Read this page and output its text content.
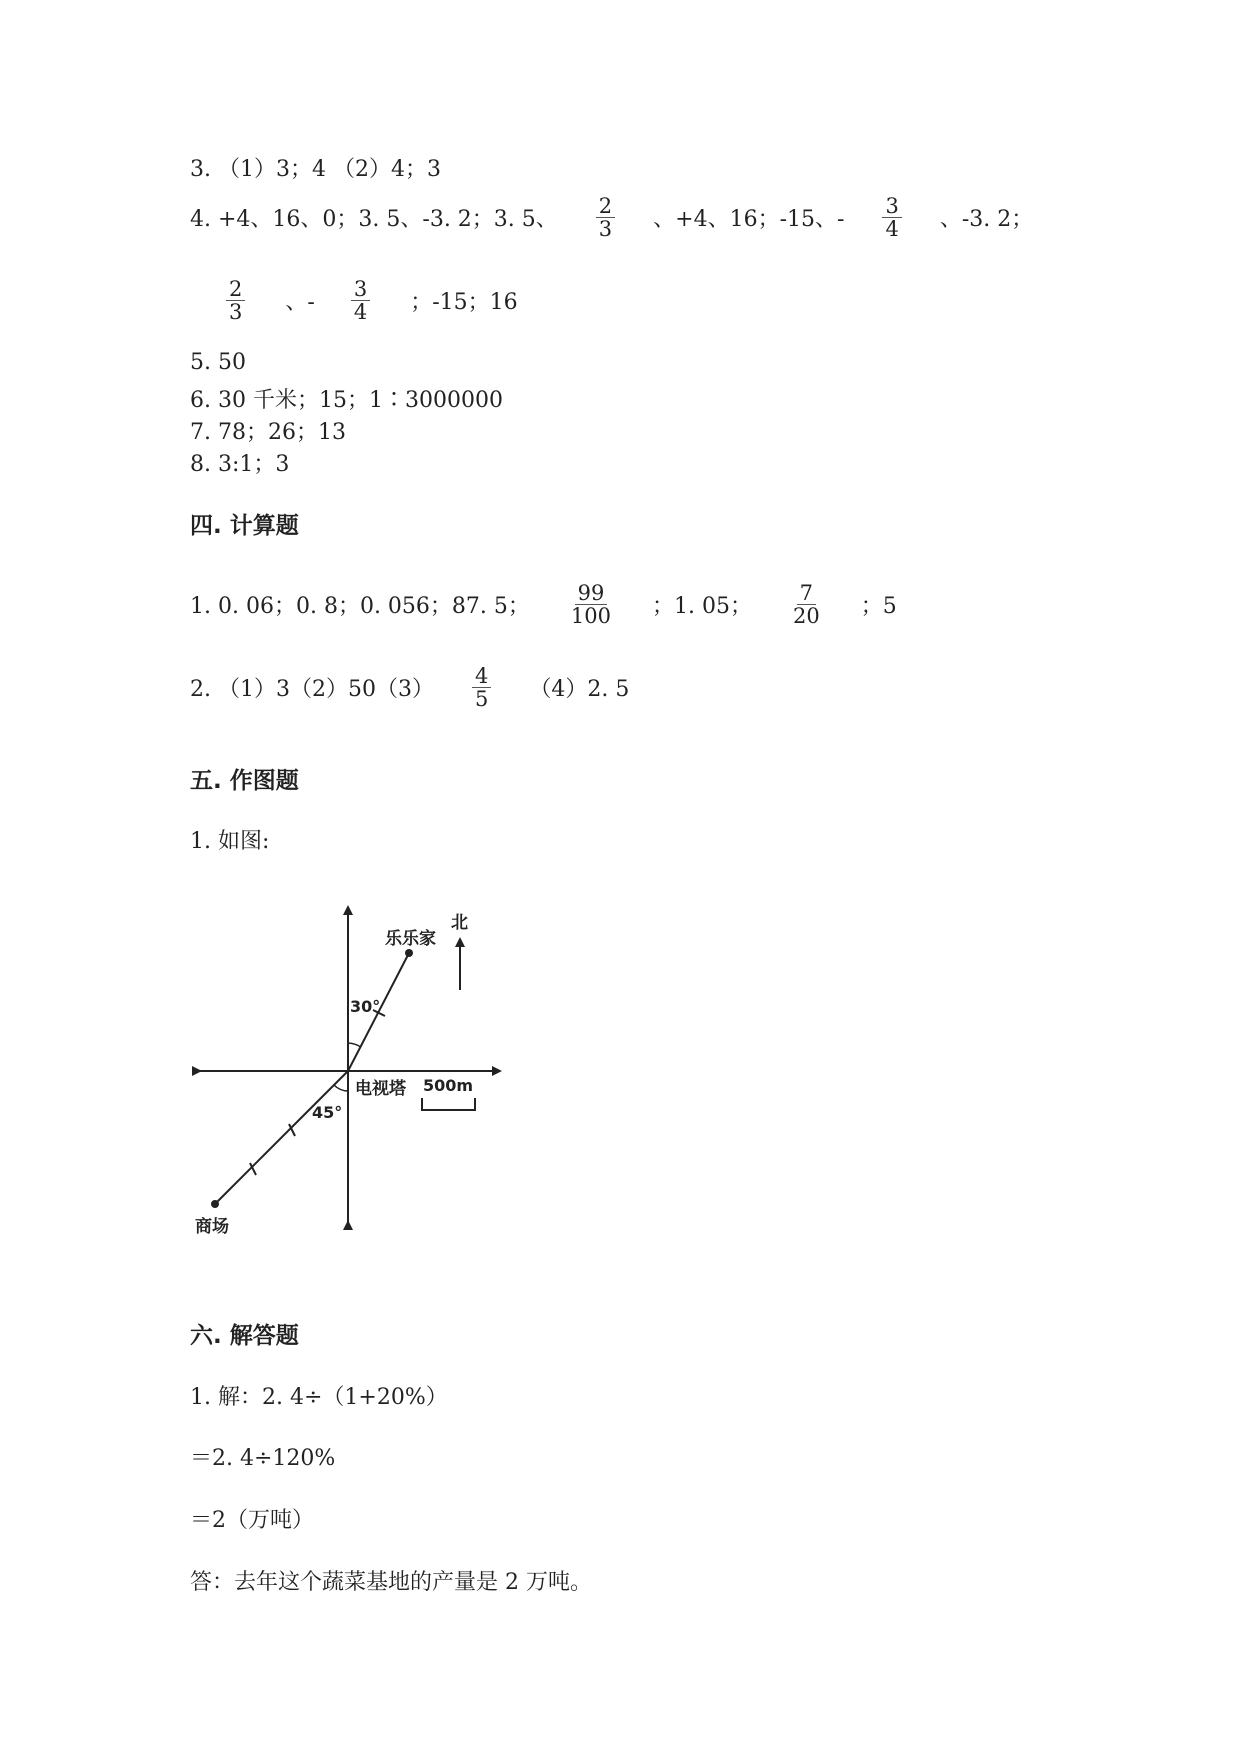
3. （1）3；4 （2）4；3
4. +4、16、0；3. 5、-3. 2；3. 5、 $\frac{2}{3}$ 、+4、16；-15、- $\frac{3}{4}$ 、-3. 2；
$\frac{2}{3}$ 、- $\frac{3}{4}$ ；-15；16
5. 50
6. 30 千米；15；1∶3000000
7. 78；26；13
8. 3:1；3
四. 计算题
1. 0. 06；0. 8；0. 056；87. 5； $\frac{99}{100}$ ；1. 05； $\frac{7}{20}$ ；5
2. $(1)3(2)50(3) \frac{4}{5} (4)2$. 5
五. 作图题
1. 如图:
乐乐家
北
30°
电视塔
45°
商场
500m
六. 解答题
1. 解：2. 4÷（1+20%）
＝2. 4÷120%
＝2（万吨）
答：去年这个蔬菜基地的产量是 2 万吨。
